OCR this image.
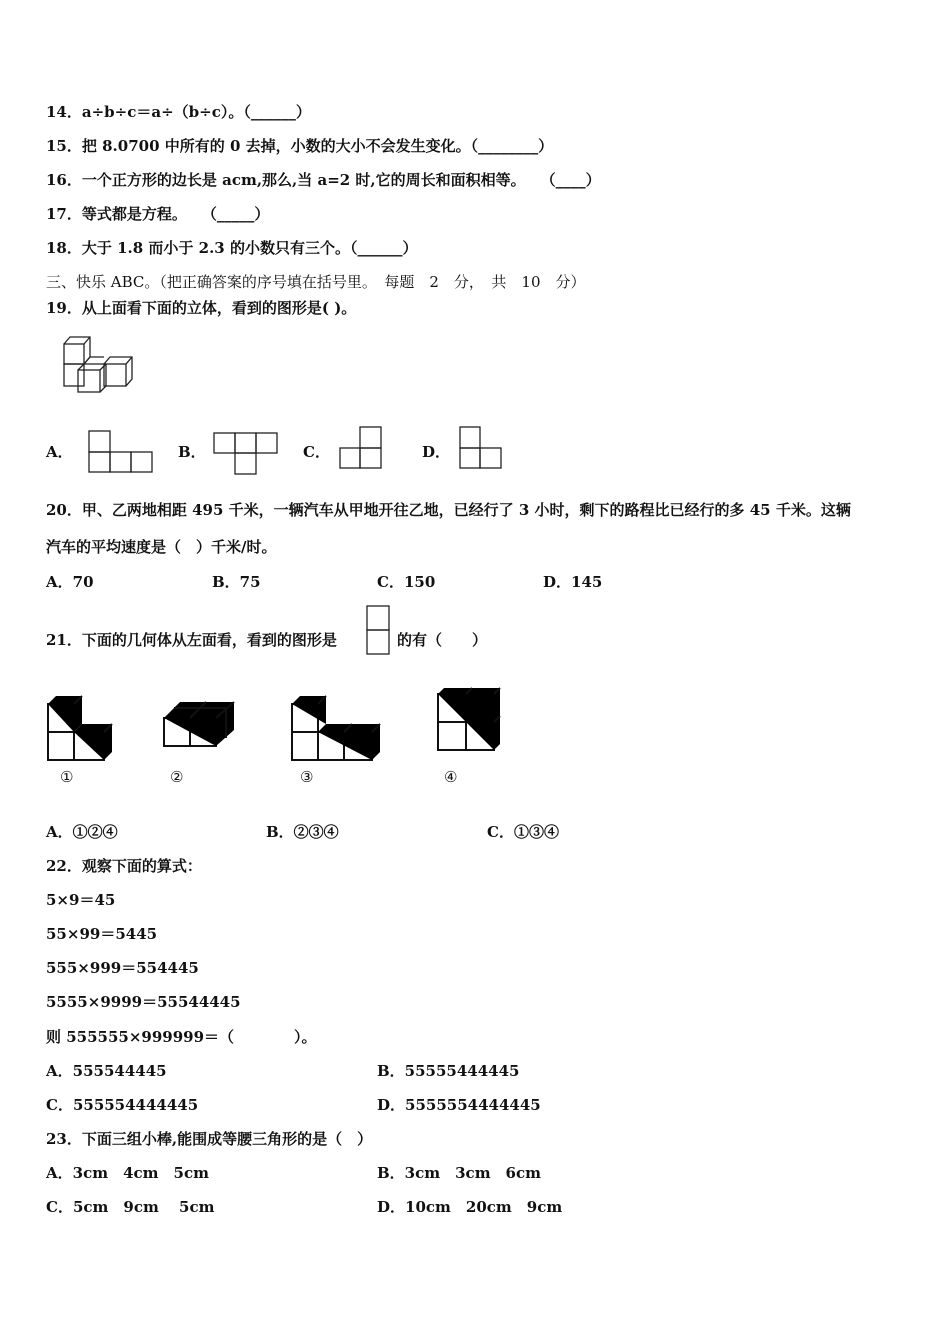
14．a÷b÷c＝a÷（b÷c）。（______）
15．把 8.0700 中所有的 0 去掉，小数的大小不会发生变化。（________）
16．一个正方形的边长是 acm,那么,当 a=2 时,它的周长和面积相等。　　（____）
17．等式都是方程。　　（_____）
18．大于 1.8 而小于 2.3 的小数只有三个。（______）
三、快乐 ABC。（把正确答案的序号填在括号里。　每题　2　分，　共　10　分）
19．从上面看下面的立体，看到的图形是( )。
A．	B．	C．	D．
20．甲、乙两地相距 495 千米，一辆汽车从甲地开往乙地，已经行了 3 小时，剩下的路程比已经行的多 45 千米。这辆
汽车的平均速度是（　）千米/时。
A．70	B．75	C．150	D．145
21．下面的几何体从左面看，看到的图形是	的有（　　）
①	②	③	④
A．①②④	B．②③④	C．①③④
22．观察下面的算式：
5×9＝45
55×99＝5445
555×999＝554445
5555×9999＝55544445
则 555555×999999＝（　　　　）。
A．555544445	B．55555444445
C．555554444445	D．5555554444445
23．下面三组小棒,能围成等腰三角形的是（　）
A．3cm　4cm　5cm	B．3cm　3cm　6cm
C．5cm　9cm　 5cm	D．10cm　20cm　9cm
